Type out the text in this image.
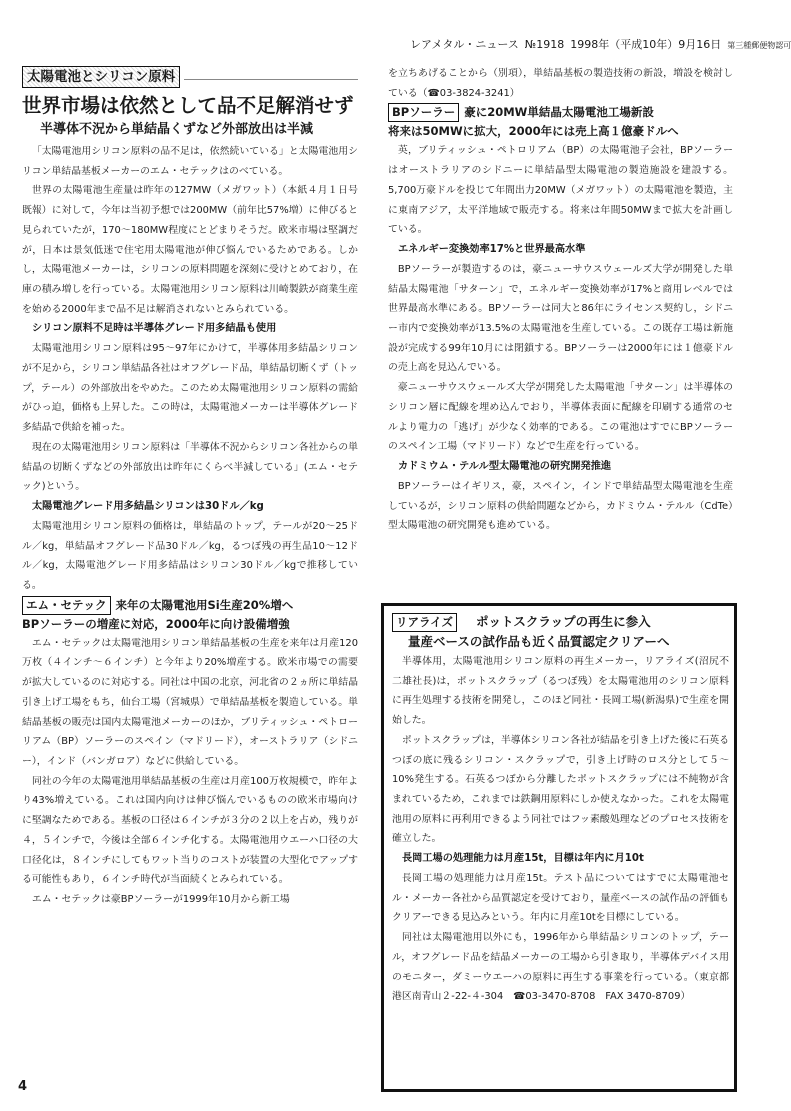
レアメタル・ニュース №1918 1998年（平成10年）9月16日 第三種郵便物認可
太陽電池とシリコン原料
世界市場は依然として品不足解消せず
半導体不況から単結晶くずなど外部放出は半減

「太陽電池用シリコン原料の品不足は，依然続いている」と太陽電池用シリコン単結晶基板メーカーのエム・セテックはのべている。

世界の太陽電池生産量は昨年の127MW（メガワット）（本紙４月１日号既報）に対して，今年は当初予想では200MW（前年比57%増）に伸びると見られていたが，170～180MW程度にとどまりそうだ。欧米市場は堅調だが，日本は景気低迷で住宅用太陽電池が伸び悩んでいるためである。しかし，太陽電池メーカーは，シリコンの原料問題を深刻に受けとめており，在庫の積み増しを行っている。太陽電池用シリコン原料は川崎製鉄が商業生産を始める2000年まで品不足は解消されないとみられている。

シリコン原料不足時は半導体グレード用多結晶も使用

太陽電池用シリコン原料は95～97年にかけて，半導体用多結晶シリコンが不足から，シリコン単結晶各社はオフグレード品，単結晶切断くず（トップ，テール）の外部放出をやめた。このため太陽電池用シリコン原料の需給がひっ迫，価格も上昇した。この時は，太陽電池メーカーは半導体グレード多結晶で供給を補った。

現在の太陽電池用シリコン原料は「半導体不況からシリコン各社からの単結晶の切断くずなどの外部放出は昨年にくらべ半減している」(エム・セテック)という。

太陽電池グレード用多結晶シリコンは30ドル／kg

太陽電池用シリコン原料の価格は，単結晶のトップ，テールが20～25ドル／kg，単結晶オフグレード品30ドル／kg，るつぼ残の再生品10～12ドル／kg，太陽電池グレード用多結晶はシリコン30ドル／kgで推移している。

エム・セテック 来年の太陽電池用Si生産20%増へ
BPソーラーの増産に対応，2000年に向け設備増強

エム・セテックは太陽電池用シリコン単結晶基板の生産を来年は月産120万枚（４インチ～６インチ）と今年より20%増産する。欧米市場での需要が拡大しているのに対応する。同社は中国の北京，河北省の２ヵ所に単結晶引き上げ工場をもち，仙台工場（宮城県）で単結晶基板を製造している。単結晶基板の販売は国内太陽電池メーカーのほか，ブリティッシュ・ペトローリアム（BP）ソーラーのスペイン（マドリード），オーストラリア（シドニー），インド（バンガロア）などに供給している。

同社の今年の太陽電池用単結晶基板の生産は月産100万枚規模で，昨年より43%増えている。これは国内向けは伸び悩んでいるものの欧米市場向けに堅調なためである。基板の口径は６インチが３分の２以上を占め，残りが４，５インチで，今後は全部６インチ化する。太陽電池用ウエーハ口径の大口径化は，８インチにしてもワット当りのコストが装置の大型化でアップする可能性もあり，６インチ時代が当面続くとみられている。

エム・セテックは豪BPソーラーが1999年10月から新工場

を立ちあげることから（別項），単結晶基板の製造技術の新設，増設を検討している（☎03-3824-3241）

BPソーラー 豪に20MW単結晶太陽電池工場新設
将来は50MWに拡大，2000年には売上高１億豪ドルへ

英，ブリティッシュ・ペトロリアム（BP）の太陽電池子会社，BPソーラーはオーストラリアのシドニーに単結晶型太陽電池の製造施設を建設する。5,700万豪ドルを投じて年間出力20MW（メガワット）の太陽電池を製造，主に東南アジア，太平洋地域で販売する。将来は年間50MWまで拡大を計画している。

エネルギー変換効率17%と世界最高水準

BPソーラーが製造するのは，豪ニューサウスウェールズ大学が開発した単結晶太陽電池「サターン」で，エネルギー変換効率が17%と商用レベルでは世界最高水準にある。BPソーラーは同大と86年にライセンス契約し，シドニー市内で変換効率が13.5%の太陽電池を生産している。この既存工場は新施設が完成する99年10月には閉鎖する。BPソーラーは2000年には１億豪ドルの売上高を見込んでいる。

豪ニューサウスウェールズ大学が開発した太陽電池「サターン」は半導体のシリコン層に配線を埋め込んでおり，半導体表面に配線を印刷する通常のセルより電力の「逃げ」が少なく効率的である。この電池はすでにBPソーラーのスペイン工場（マドリード）などで生産を行っている。

カドミウム・テルル型太陽電池の研究開発推進

BPソーラーはイギリス，豪，スペイン，インドで単結晶型太陽電池を生産しているが，シリコン原料の供給問題などから，カドミウム・テルル（CdTe）型太陽電池の研究開発も進めている。

リアライズ ポットスクラップの再生に参入
量産ベースの試作品も近く品質認定クリアーへ

半導体用，太陽電池用シリコン原料の再生メーカー，リアライズ(沼尻不二雄社長)は，ポットスクラップ（るつぼ残）を太陽電池用のシリコン原料に再生処理する技術を開発し，このほど同社・長岡工場(新潟県)で生産を開始した。

ポットスクラップは，半導体シリコン各社が結晶を引き上げた後に石英るつぼの底に残るシリコン・スクラップで，引き上げ時のロス分として５～10%発生する。石英るつぼから分離したポットスクラップには不純物が含まれているため，これまでは鉄鋼用原料にしか使えなかった。これを太陽電池用の原料に再利用できるよう同社ではフッ素酸処理などのプロセス技術を確立した。

長岡工場の処理能力は月産15t，目標は年内に月10t

長岡工場の処理能力は月産15t。テスト品についてはすでに太陽電池セル・メーカー各社から品質認定を受けており，量産ベースの試作品の評価もクリアーできる見込みという。年内に月産10tを目標にしている。

同社は太陽電池用以外にも，1996年から単結晶シリコンのトップ，テール，オフグレード品を結晶メーカーの工場から引き取り，半導体デバイス用のモニター，ダミーウエーハの原料に再生する事業を行っている。（東京都港区南青山２-22-４-304　☎03-3470-8708　FAX 3470-8709）

4
